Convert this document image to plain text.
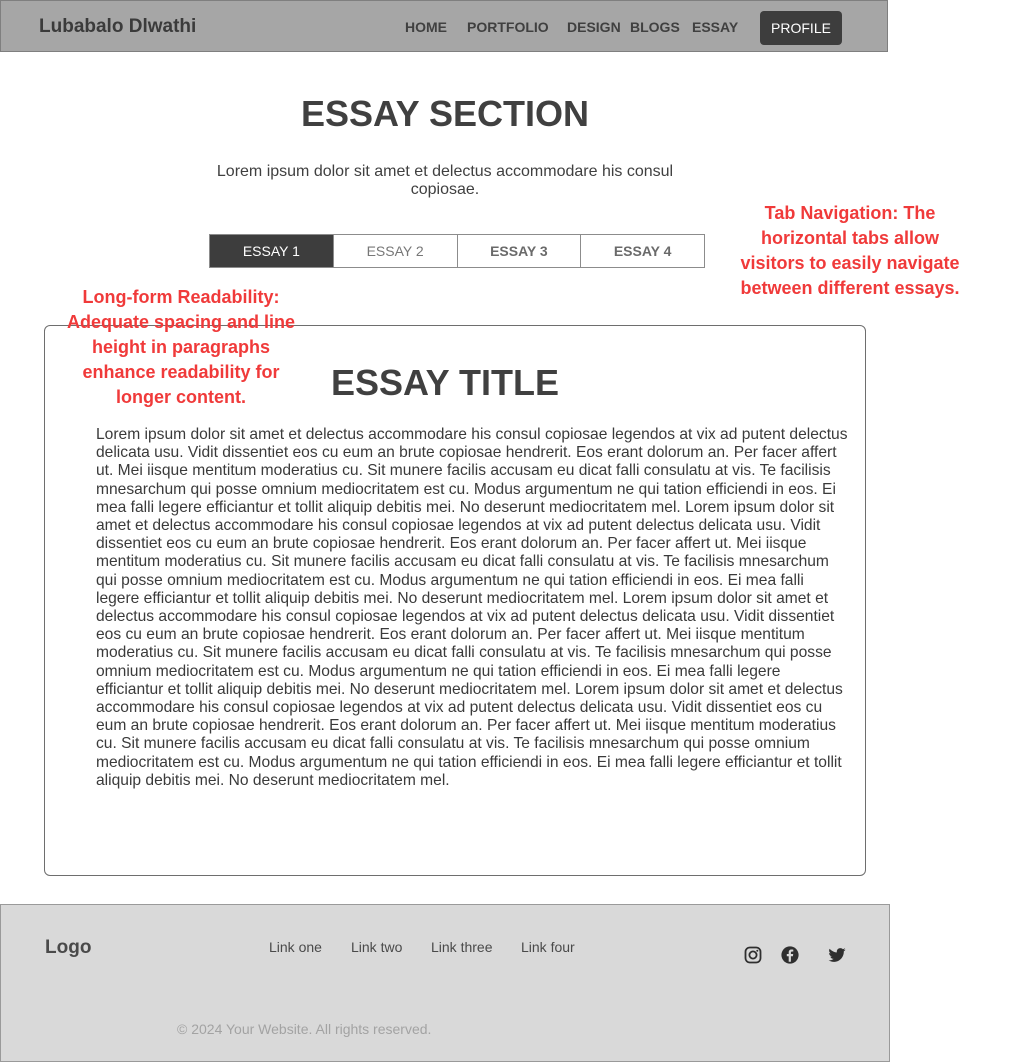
Lubabalo Dlwathi	HOME PORTFOLIO DESIGN BLOGS ESSAY	PROFILE
ESSAY SECTION
Lorem ipsum dolor sit amet et delectus accommodare his consul copiosae.
ESSAY 1	ESSAY 2	ESSAY 3	ESSAY 4
ESSAY TITLE

Lorem ipsum dolor sit amet et delectus accommodare his consul copiosae legendos at vix ad putent delectus delicata usu. Vidit dissentiet eos cu eum an brute copiosae hendrerit. Eos erant dolorum an. Per facer affert ut. Mei iisque mentitum moderatius cu. Sit munere facilis accusam eu dicat falli consulatu at vis. Te facilisis mnesarchum qui posse omnium mediocritatem est cu. Modus argumentum ne qui tation efficiendi in eos. Ei mea falli legere efficiantur et tollit aliquip debitis mei. No deserunt mediocritatem mel. Lorem ipsum dolor sit amet et delectus accommodare his consul copiosae legendos at vix ad putent delectus delicata usu. Vidit dissentiet eos cu eum an brute copiosae hendrerit. Eos erant dolorum an. Per facer affert ut. Mei iisque mentitum moderatius cu. Sit munere facilis accusam eu dicat falli consulatu at vis. Te facilisis mnesarchum qui posse omnium mediocritatem est cu. Modus argumentum ne qui tation efficiendi in eos. Ei mea falli legere efficiantur et tollit aliquip debitis mei. No deserunt mediocritatem mel. Lorem ipsum dolor sit amet et delectus accommodare his consul copiosae legendos at vix ad putent delectus delicata usu. Vidit dissentiet eos cu eum an brute copiosae hendrerit. Eos erant dolorum an. Per facer affert ut. Mei iisque mentitum moderatius cu. Sit munere facilis accusam eu dicat falli consulatu at vis. Te facilisis mnesarchum qui posse omnium mediocritatem est cu. Modus argumentum ne qui tation efficiendi in eos. Ei mea falli legere efficiantur et tollit aliquip debitis mei. No deserunt mediocritatem mel. Lorem ipsum dolor sit amet et delectus accommodare his consul copiosae legendos at vix ad putent delectus delicata usu. Vidit dissentiet eos cu eum an brute copiosae hendrerit. Eos erant dolorum an. Per facer affert ut. Mei iisque mentitum moderatius cu. Sit munere facilis accusam eu dicat falli consulatu at vis. Te facilisis mnesarchum qui posse omnium mediocritatem est cu. Modus argumentum ne qui tation efficiendi in eos. Ei mea falli legere efficiantur et tollit aliquip debitis mei. No deserunt mediocritatem mel.

Long-form Readability: Adequate spacing and line height in paragraphs enhance readability for longer content.
Tab Navigation: The horizontal tabs allow visitors to easily navigate between different essays.
Logo	Link one Link two Link three Link four
© 2024 Your Website. All rights reserved.
